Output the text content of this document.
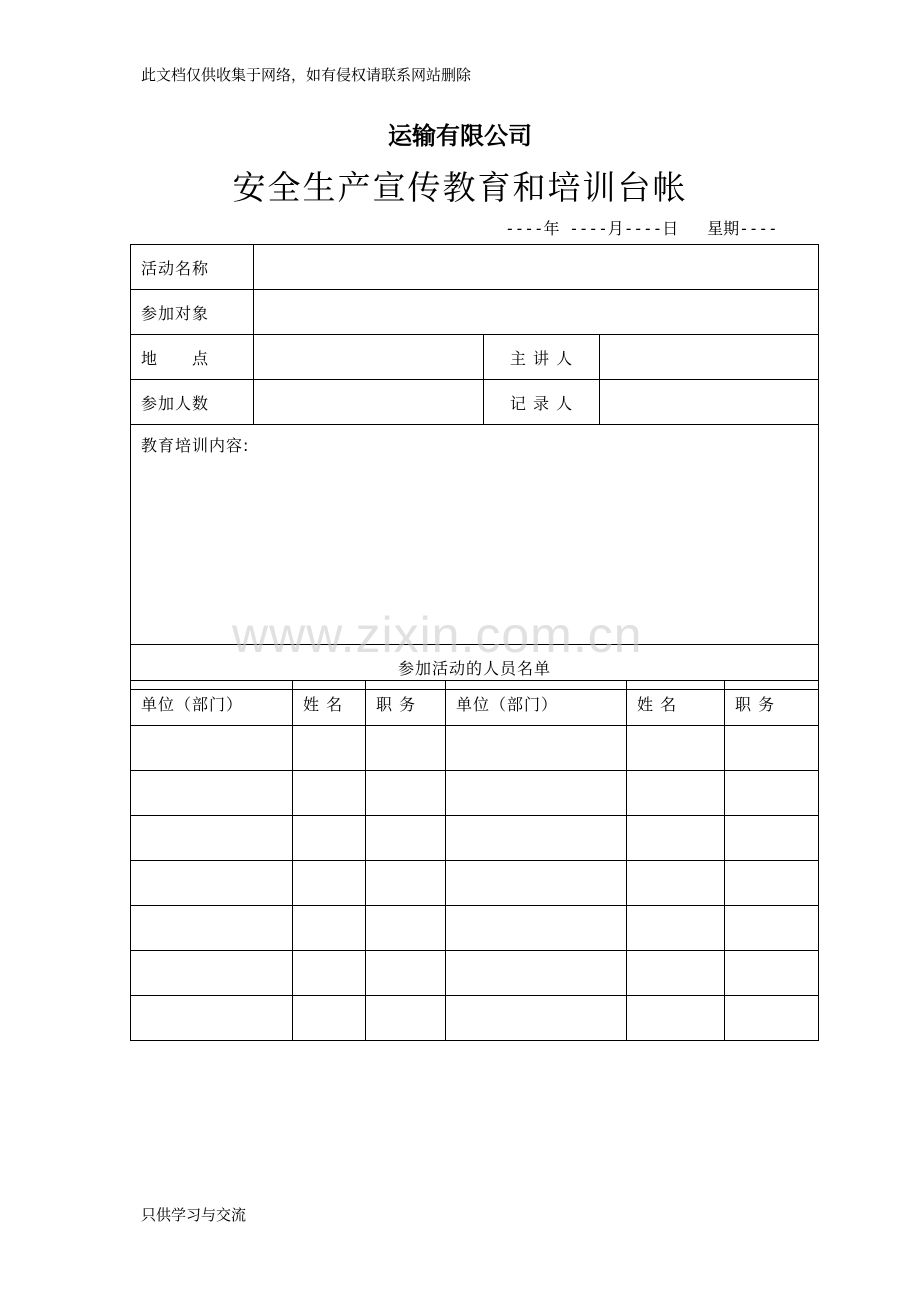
此文档仅供收集于网络，如有侵权请联系网站删除
运输有限公司
安全生产宣传教育和培训台帐
----年 ----月----日   星期----
活动名称			
参加对象			
地　　点		主 讲 人	
参加人数		记 录 人	
教育培训内容:			
参加活动的人员名单			
单位（部门）	姓 名	职 务	单位（部门）	姓 名	职 务

www.zixin.com.cn
只供学习与交流
